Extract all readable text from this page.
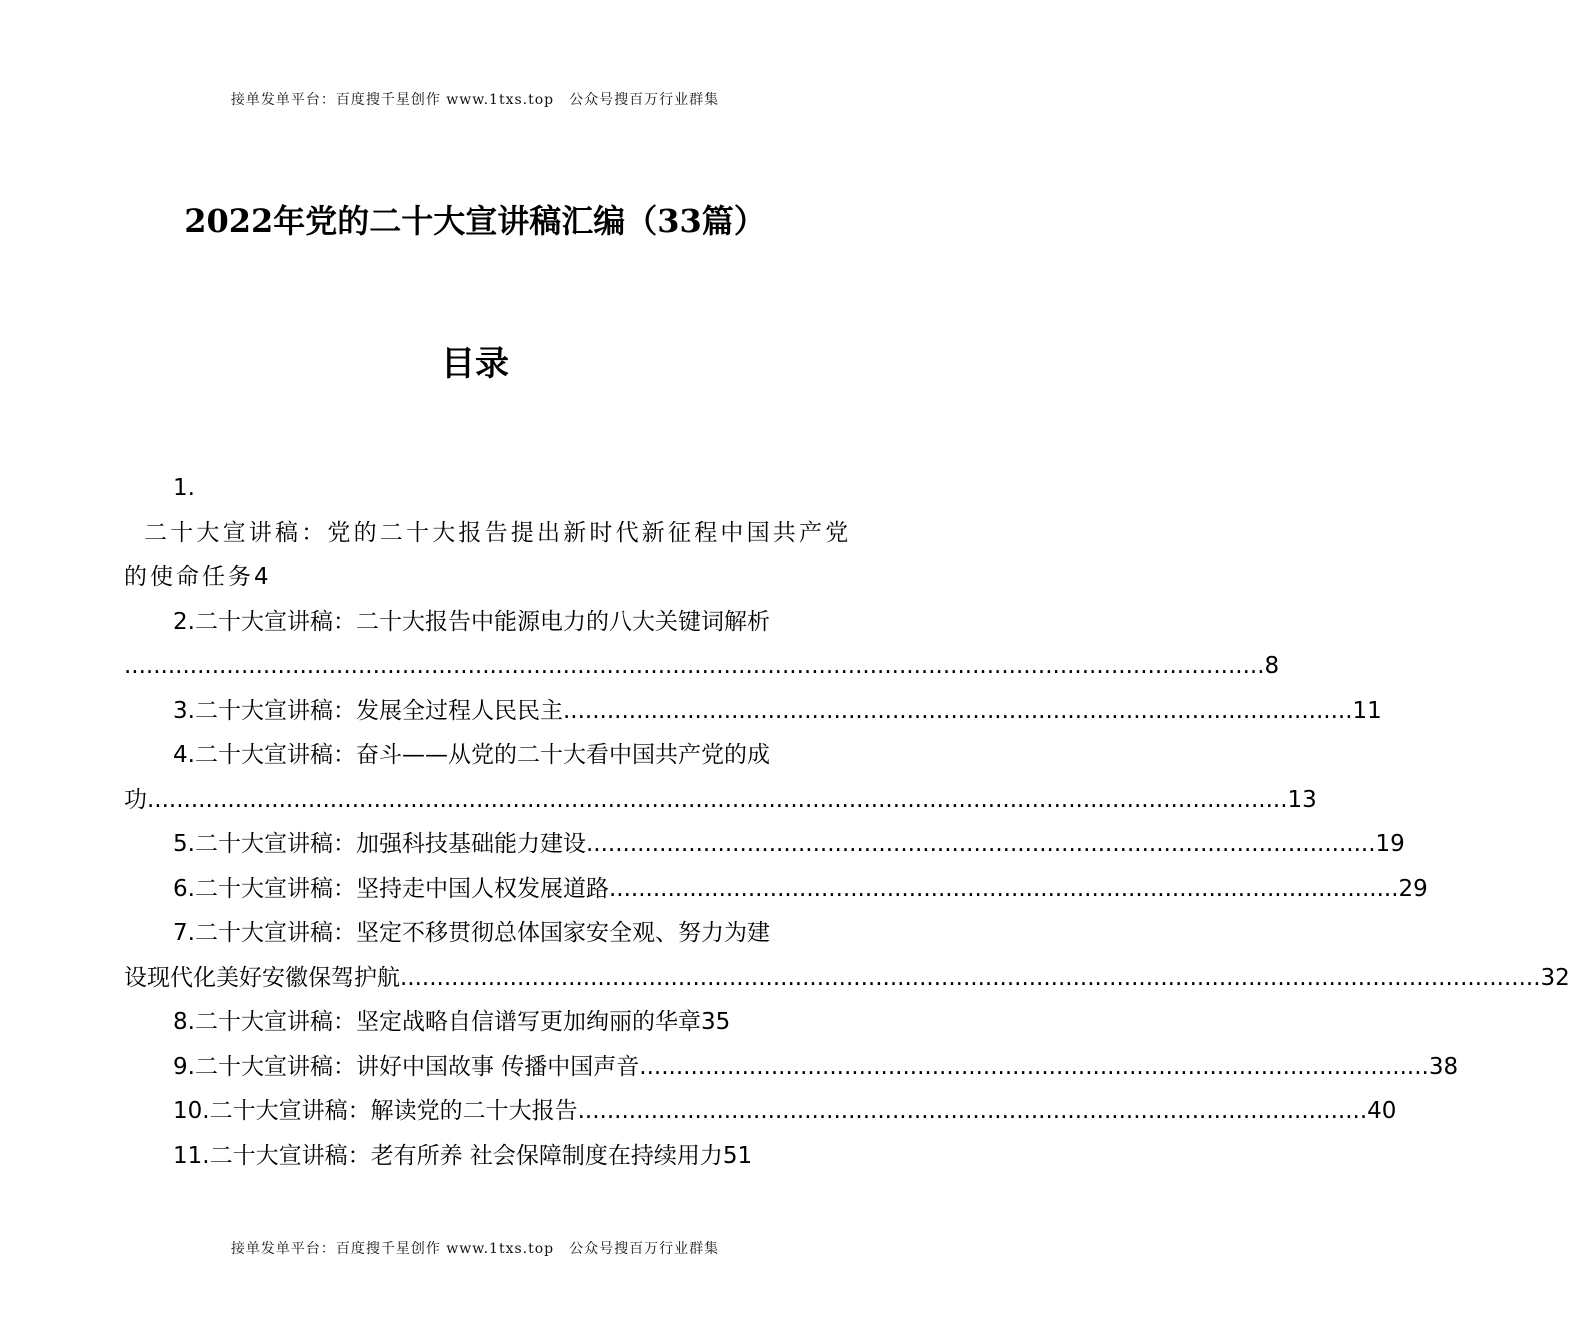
接单发单平台：百度搜千星创作 www.1txs.top　公众号搜百万行业群集
2022年党的二十大宣讲稿汇编（33篇）
目录
1.
二十大宣讲稿：党的二十大报告提出新时代新征程中国共产党
的使命任务4
2.二十大宣讲稿：二十大报告中能源电力的八大关键词解析
............................................................................................................................................................ 8
3.二十大宣讲稿：发展全过程人民民主 ............................................................................................................ 11
4.二十大宣讲稿：奋斗——从党的二十大看中国共产党的成
功 ............................................................................................................................................................ 13
5.二十大宣讲稿：加强科技基础能力建设 ............................................................................................................ 19
6.二十大宣讲稿：坚持走中国人权发展道路 ............................................................................................................ 29
7.二十大宣讲稿：坚定不移贯彻总体国家安全观、努力为建
设现代化美好安徽保驾护航 ............................................................................................................................................................ 32
8.二十大宣讲稿：坚定战略自信谱写更加绚丽的华章35
9.二十大宣讲稿：讲好中国故事 传播中国声音 ............................................................................................................ 38
10.二十大宣讲稿：解读党的二十大报告 ............................................................................................................ 40
11.二十大宣讲稿：老有所养 社会保障制度在持续用力51
接单发单平台：百度搜千星创作 www.1txs.top　公众号搜百万行业群集
